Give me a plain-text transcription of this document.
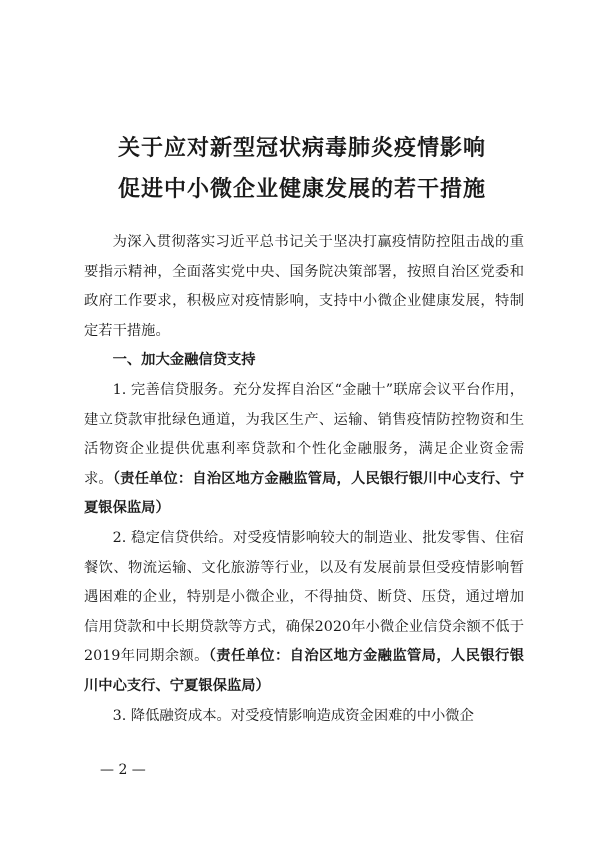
关于应对新型冠状病毒肺炎疫情影响
促进中小微企业健康发展的若干措施

为深入贯彻落实习近平总书记关于坚决打赢疫情防控阻击战的重要指示精神，全面落实党中央、国务院决策部署，按照自治区党委和政府工作要求，积极应对疫情影响，支持中小微企业健康发展，特制定若干措施。

一、加大金融信贷支持

1. 完善信贷服务。充分发挥自治区“金融十”联席会议平台作用，建立贷款审批绿色通道，为我区生产、运输、销售疫情防控物资和生活物资企业提供优惠利率贷款和个性化金融服务，满足企业资金需求。（责任单位：自治区地方金融监管局，人民银行银川中心支行、宁夏银保监局）

2. 稳定信贷供给。对受疫情影响较大的制造业、批发零售、住宿餐饮、物流运输、文化旅游等行业，以及有发展前景但受疫情影响暂遇困难的企业，特别是小微企业，不得抽贷、断贷、压贷，通过增加信用贷款和中长期贷款等方式，确保2020年小微企业信贷余额不低于2019年同期余额。（责任单位：自治区地方金融监管局，人民银行银川中心支行、宁夏银保监局）

3. 降低融资成本。对受疫情影响造成资金困难的中小微企

— 2 —
